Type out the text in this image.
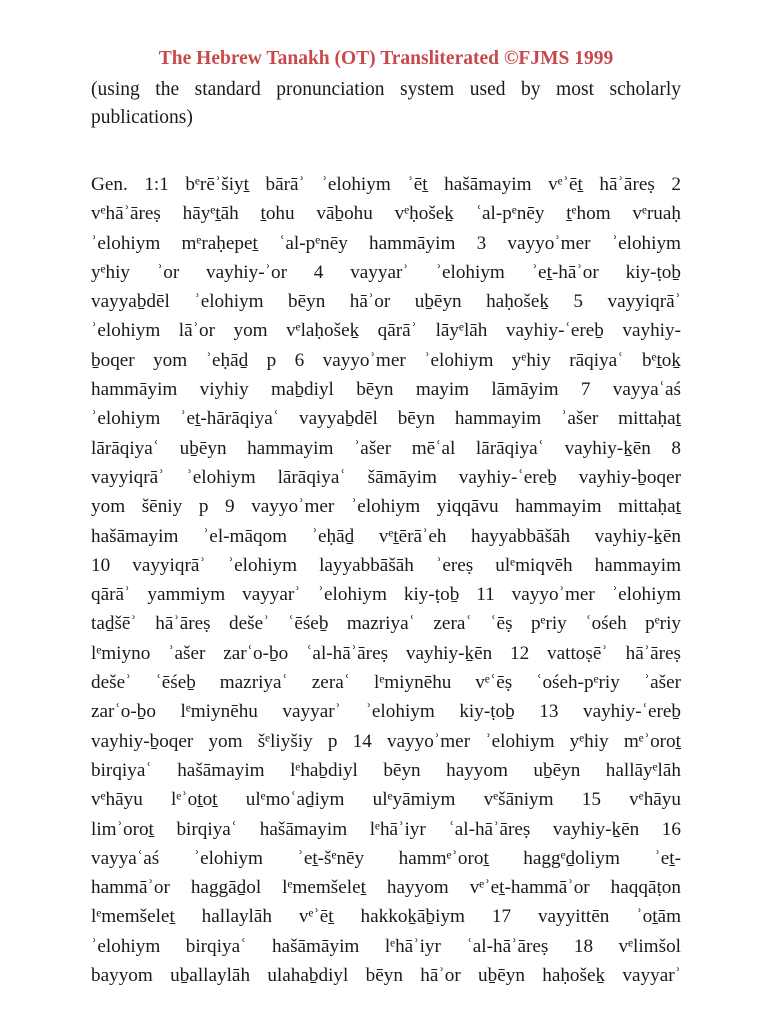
The Hebrew Tanakh (OT) Transliterated ©FJMS 1999

(using the standard pronunciation system used by most scholarly publications)

Gen. 1:1 bᵉrēʾšiyṯ bārāʾ ʾelohiym ʾēṯ hašāmayim vᵉʾēṯ hāʾāreṣ 2
vᵉhāʾāreṣ hāyᵉṯāh ṯohu vāḇohu vᵉḥošeḵ ʿal-pᵉnēy ṯᵉhom vᵉruaḥ
ʾelohiym mᵉraḥepeṯ ʿal-pᵉnēy hammāyim 3 vayyoʾmer ʾelohiym
yᵉhiy ʾor vayhiy-ʾor 4 vayyarʾ ʾelohiym ʾeṯ-hāʾor kiy-ṭoḇ
vayyaḇdēl ʾelohiym bēyn hāʾor uḇēyn haḥošeḵ 5 vayyiqrāʾ
ʾelohiym lāʾor yom vᵉlaḥošeḵ qārāʾ lāyᵉlāh vayhiy-ʿereḇ vayhiy-
ḇoqer yom ʾeḥāḏ p 6 vayyoʾmer ʾelohiym yᵉhiy rāqiyaʿ bᵉṯoḵ
hammāyim viyhiy maḇdiyl bēyn mayim lāmāyim 7 vayyaʿaś
ʾelohiym ʾeṯ-hārāqiyaʿ vayyaḇdēl bēyn hammayim ʾašer mittaḥaṯ
lārāqiyaʿ uḇēyn hammayim ʾašer mēʿal lārāqiyaʿ vayhiy-ḵēn 8
vayyiqrāʾ ʾelohiym lārāqiyaʿ šāmāyim vayhiy-ʿereḇ vayhiy-ḇoqer
yom šēniy p 9 vayyoʾmer ʾelohiym yiqqāvu hammayim mittaḥaṯ
hašāmayim ʾel-māqom ʾeḥāḏ vᵉṯērāʾeh hayyabbāšāh vayhiy-ḵēn
10 vayyiqrāʾ ʾelohiym layyabbāšāh ʾereṣ ulᵉmiqvēh hammayim
qārāʾ yammiym vayyarʾ ʾelohiym kiy-ṭoḇ 11 vayyoʾmer ʾelohiym
taḏšēʾ hāʾāreṣ dešeʾ ʿēśeḇ mazriyaʿ zeraʿ ʿēṣ pᵉriy ʿośeh pᵉriy
lᵉmiyno ʾašer zarʿo-ḇo ʿal-hāʾāreṣ vayhiy-ḵēn 12 vattoṣēʾ hāʾāreṣ
dešeʾ ʿēśeḇ mazriyaʿ zeraʿ lᵉmiynēhu vᵉʿēṣ ʿośeh-pᵉriy ʾašer
zarʿo-ḇo lᵉmiynēhu vayyarʾ ʾelohiym kiy-ṭoḇ 13 vayhiy-ʿereḇ
vayhiy-ḇoqer yom šᵉliyšiy p 14 vayyoʾmer ʾelohiym yᵉhiy mᵉʾoroṯ
birqiyaʿ hašāmayim lᵉhaḇdiyl bēyn hayyom uḇēyn hallāyᵉlāh
vᵉhāyu lᵉʾoṯoṯ ulᵉmoʿaḏiym ulᵉyāmiym vᵉšāniym 15 vᵉhāyu
limʾoroṯ birqiyaʿ hašāmayim lᵉhāʾiyr ʿal-hāʾāreṣ vayhiy-ḵēn 16
vayyaʿaś ʾelohiym ʾeṯ-šᵉnēy hammᵉʾoroṯ haggᵉḏoliym ʾeṯ-
hammāʾor haggāḏol lᵉmemšeleṯ hayyom vᵉʾeṯ-hammāʾor haqqāṭon
lᵉmemšeleṯ hallaylāh vᵉʾēṯ hakkoḵāḇiym 17 vayyittēn ʾoṯām
ʾelohiym birqiyaʿ hašāmāyim lᵉhāʾiyr ʿal-hāʾāreṣ 18 vᵉlimšol
bayyom uḇallaylāh ulahaḇdiyl bēyn hāʾor uḇēyn haḥošeḵ vayyarʾ
